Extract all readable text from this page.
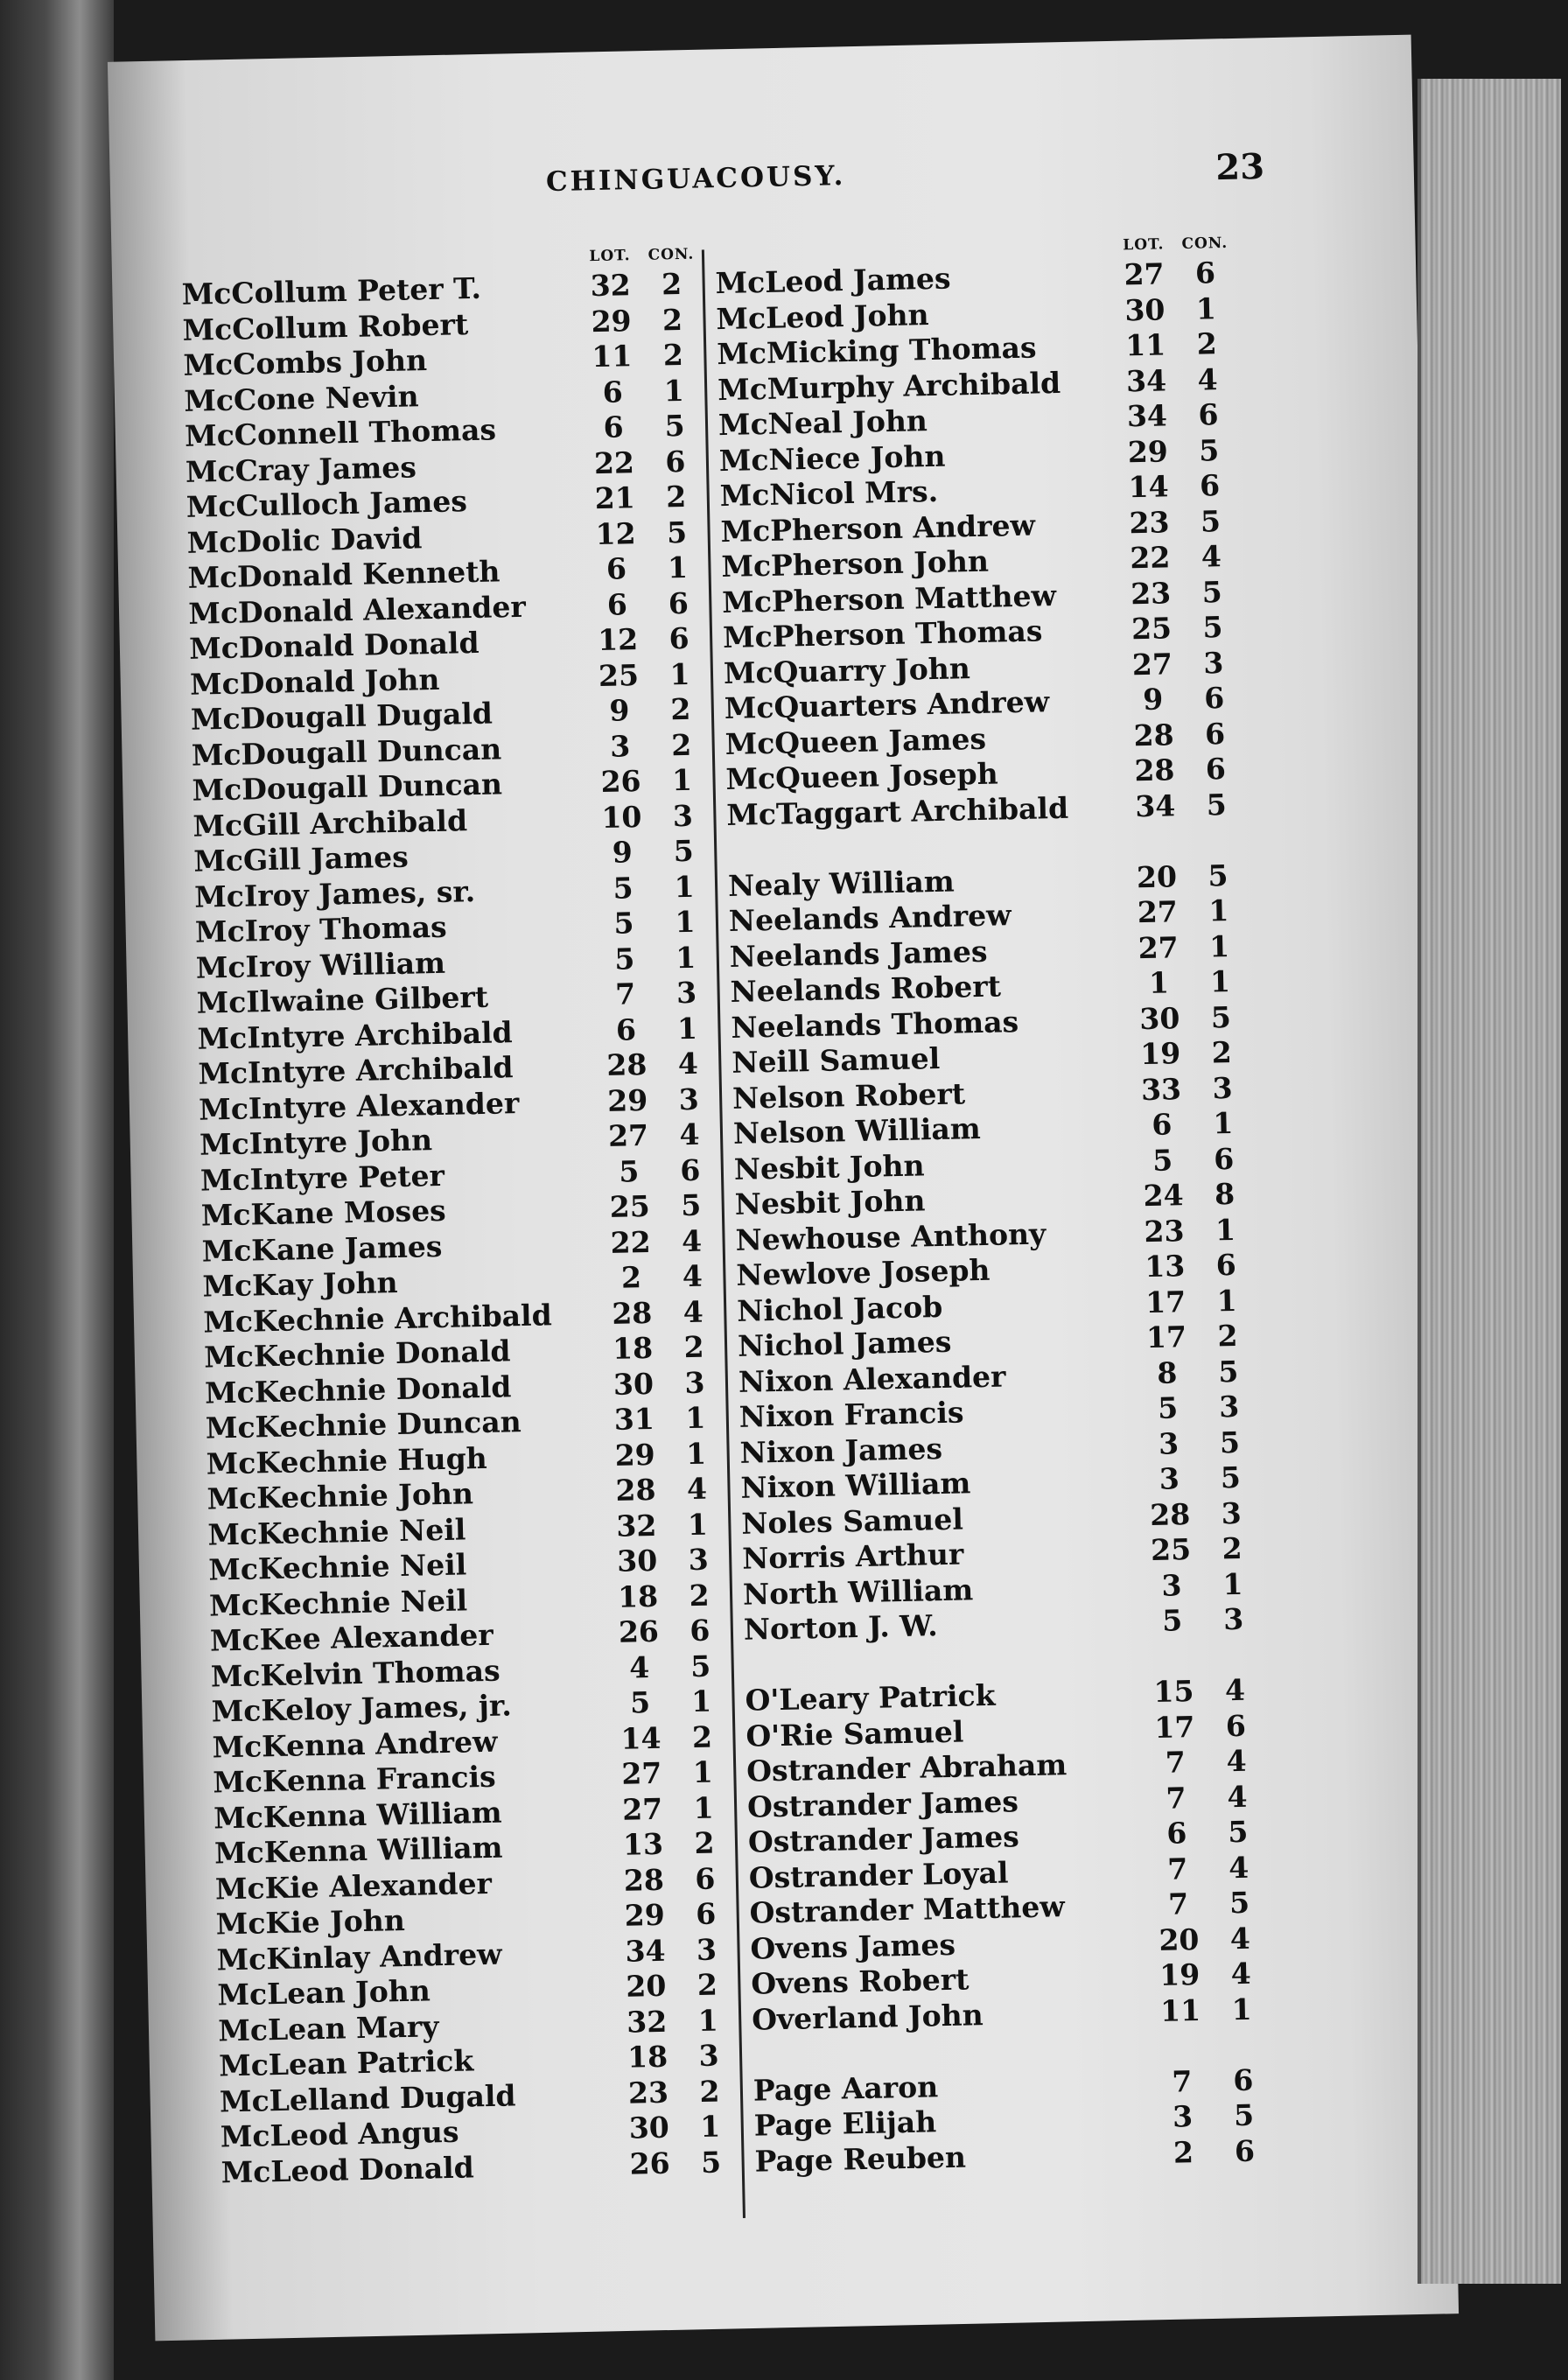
CHINGUACOUSY.	23
LOT.	CON.
McCollum Peter T.	32	2
McCollum Robert	29	2
McCombs John	11	2
McCone Nevin	6	1
McConnell Thomas	6	5
McCray James	22	6
McCulloch James	21	2
McDolic David	12	5
McDonald Kenneth	6	1
McDonald Alexander	6	6
McDonald Donald	12	6
McDonald John	25	1
McDougall Dugald	9	2
McDougall Duncan	3	2
McDougall Duncan	26	1
McGill Archibald	10	3
McGill James	9	5
McIroy James, sr.	5	1
McIroy Thomas	5	1
McIroy William	5	1
McIlwaine Gilbert	7	3
McIntyre Archibald	6	1
McIntyre Archibald	28	4
McIntyre Alexander	29	3
McIntyre John	27	4
McIntyre Peter	5	6
McKane Moses	25	5
McKane James	22	4
McKay John	2	4
McKechnie Archibald	28	4
McKechnie Donald	18	2
McKechnie Donald	30	3
McKechnie Duncan	31	1
McKechnie Hugh	29	1
McKechnie John	28	4
McKechnie Neil	32	1
McKechnie Neil	30	3
McKechnie Neil	18	2
McKee Alexander	26	6
McKelvin Thomas	4	5
McKeloy James, jr.	5	1
McKenna Andrew	14	2
McKenna Francis	27	1
McKenna William	27	1
McKenna William	13	2
McKie Alexander	28	6
McKie John	29	6
McKinlay Andrew	34	3
McLean John	20	2
McLean Mary	32	1
McLean Patrick	18	3
McLelland Dugald	23	2
McLeod Angus	30	1
McLeod Donald	26	5
LOT.	CON.
McLeod James	27	6
McLeod John	30	1
McMicking Thomas	11	2
McMurphy Archibald	34	4
McNeal John	34	6
McNiece John	29	5
McNicol Mrs.	14	6
McPherson Andrew	23	5
McPherson John	22	4
McPherson Matthew	23	5
McPherson Thomas	25	5
McQuarry John	27	3
McQuarters Andrew	9	6
McQueen James	28	6
McQueen Joseph	28	6
McTaggart Archibald	34	5
Nealy William	20	5
Neelands Andrew	27	1
Neelands James	27	1
Neelands Robert	1	1
Neelands Thomas	30	5
Neill Samuel	19	2
Nelson Robert	33	3
Nelson William	6	1
Nesbit John	5	6
Nesbit John	24	8
Newhouse Anthony	23	1
Newlove Joseph	13	6
Nichol Jacob	17	1
Nichol James	17	2
Nixon Alexander	8	5
Nixon Francis	5	3
Nixon James	3	5
Nixon William	3	5
Noles Samuel	28	3
Norris Arthur	25	2
North William	3	1
Norton J. W.	5	3
O'Leary Patrick	15	4
O'Rie Samuel	17	6
Ostrander Abraham	7	4
Ostrander James	7	4
Ostrander James	6	5
Ostrander Loyal	7	4
Ostrander Matthew	7	5
Ovens James	20	4
Ovens Robert	19	4
Overland John	11	1
Page Aaron	7	6
Page Elijah	3	5
Page Reuben	2	6
